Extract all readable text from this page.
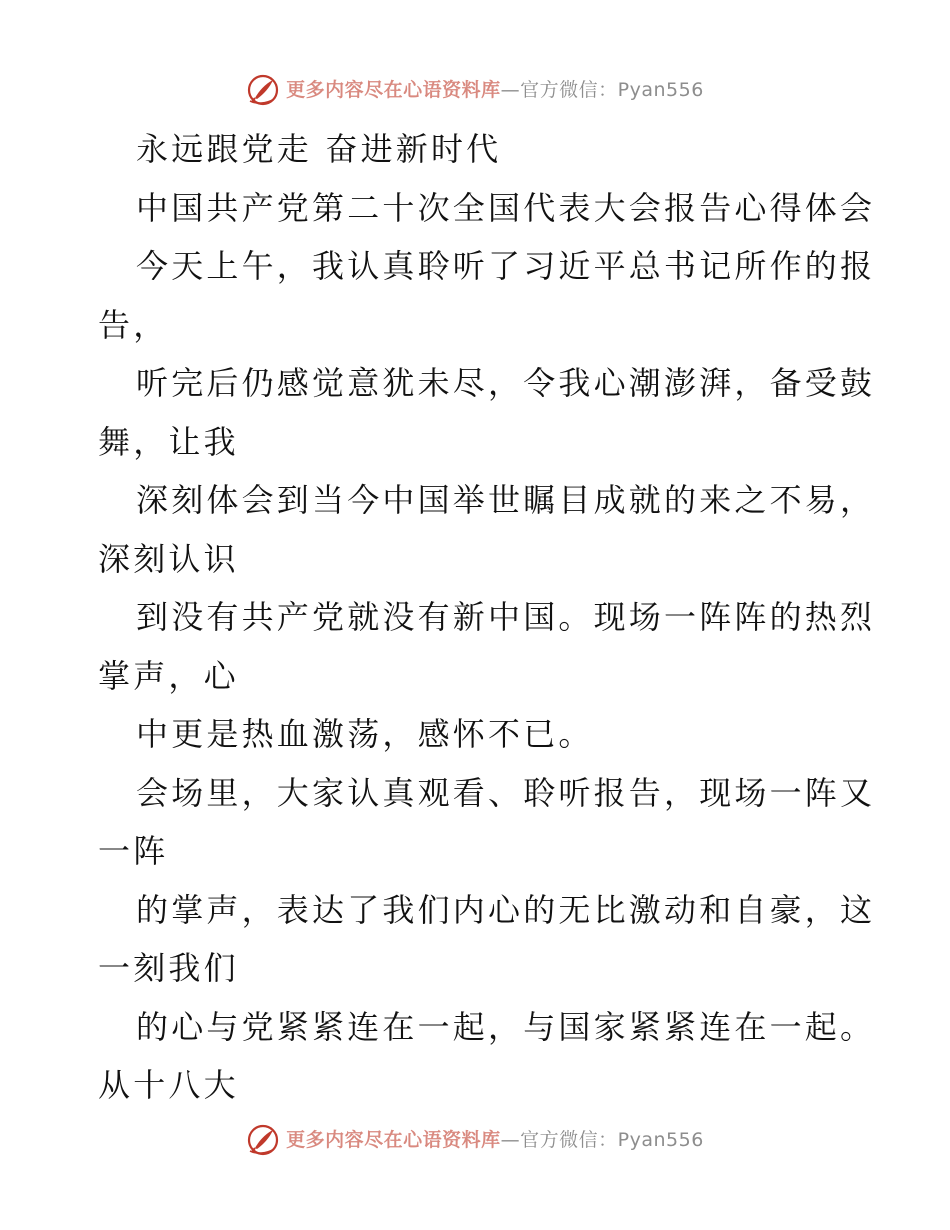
更多内容尽在心语资料库 —官方微信：Pyan556
永远跟党走 奋进新时代
中国共产党第二十次全国代表大会报告心得体会
今天上午，我认真聆听了习近平总书记所作的报
告，
听完后仍感觉意犹未尽，令我心潮澎湃，备受鼓
舞，让我
深刻体会到当今中国举世瞩目成就的来之不易，
深刻认识
到没有共产党就没有新中国。现场一阵阵的热烈
掌声，心
中更是热血激荡，感怀不已。
会场里，大家认真观看、聆听报告，现场一阵又
一阵
的掌声，表达了我们内心的无比激动和自豪，这
一刻我们
的心与党紧紧连在一起，与国家紧紧连在一起。
从十八大
更多内容尽在心语资料库 —官方微信：Pyan556
